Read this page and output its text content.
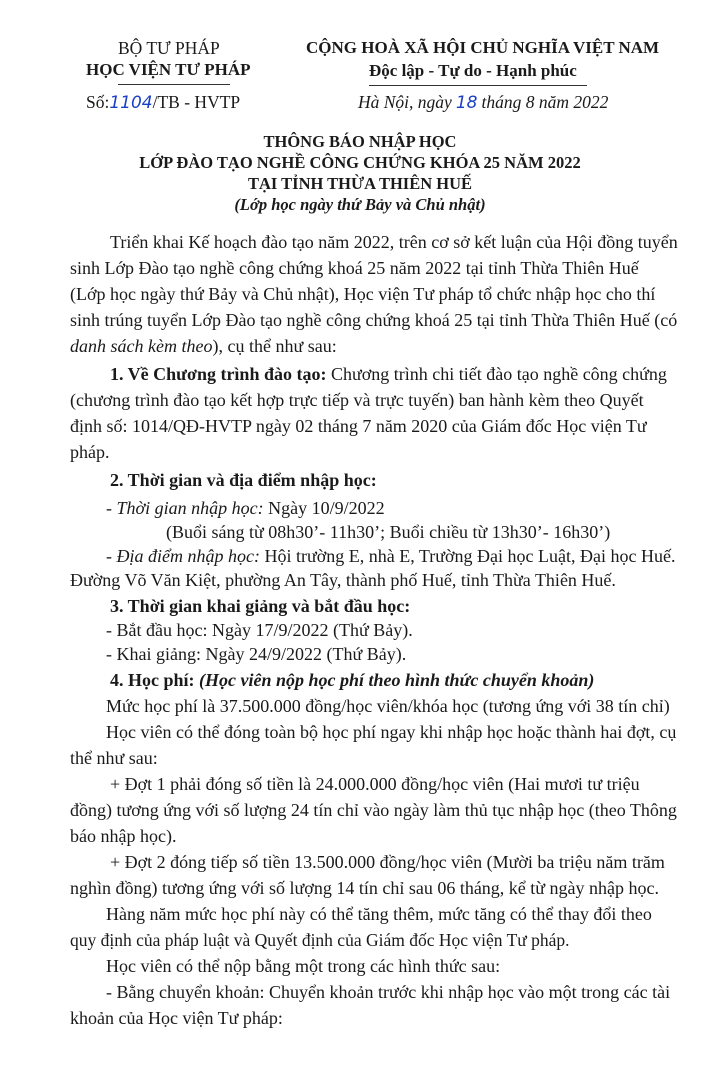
BỘ TƯ PHÁP
HỌC VIỆN TƯ PHÁP
Số:1104/TB - HVTP
CỘNG HOÀ XÃ HỘI CHỦ NGHĨA VIỆT NAM
Độc lập - Tự do - Hạnh phúc
Hà Nội, ngày 18 tháng 8 năm 2022
THÔNG BÁO NHẬP HỌC
LỚP ĐÀO TẠO NGHỀ CÔNG CHỨNG KHÓA 25 NĂM 2022
TẠI TỈNH THỪA THIÊN HUẾ
(Lớp học ngày thứ Bảy và Chủ nhật)
Triển khai Kế hoạch đào tạo năm 2022, trên cơ sở kết luận của Hội đồng tuyển
sinh Lớp Đào tạo nghề công chứng khoá 25 năm 2022 tại tỉnh Thừa Thiên Huế
(Lớp học ngày thứ Bảy và Chủ nhật), Học viện Tư pháp tổ chức nhập học cho thí
sinh trúng tuyển Lớp Đào tạo nghề công chứng khoá 25 tại tỉnh Thừa Thiên Huế (có
danh sách kèm theo), cụ thể như sau:
1. Về Chương trình đào tạo: Chương trình chi tiết đào tạo nghề công chứng
(chương trình đào tạo kết hợp trực tiếp và trực tuyến) ban hành kèm theo Quyết
định số: 1014/QĐ-HVTP ngày 02 tháng 7 năm 2020 của Giám đốc Học viện Tư
pháp.
2. Thời gian và địa điểm nhập học:
- Thời gian nhập học: Ngày 10/9/2022
(Buổi sáng từ 08h30’- 11h30’; Buổi chiều từ 13h30’- 16h30’)
- Địa điểm nhập học: Hội trường E, nhà E, Trường Đại học Luật, Đại học Huế.
Đường Võ Văn Kiệt, phường An Tây, thành phố Huế, tỉnh Thừa Thiên Huế.
3. Thời gian khai giảng và bắt đầu học:
- Bắt đầu học: Ngày 17/9/2022 (Thứ Bảy).
- Khai giảng: Ngày 24/9/2022 (Thứ Bảy).
4. Học phí: (Học viên nộp học phí theo hình thức chuyển khoản)
Mức học phí là 37.500.000 đồng/học viên/khóa học (tương ứng với 38 tín chỉ)
Học viên có thể đóng toàn bộ học phí ngay khi nhập học hoặc thành hai đợt, cụ
thể như sau:
+ Đợt 1 phải đóng số tiền là 24.000.000 đồng/học viên (Hai mươi tư triệu
đồng) tương ứng với số lượng 24 tín chỉ vào ngày làm thủ tục nhập học (theo Thông
báo nhập học).
+ Đợt 2 đóng tiếp số tiền 13.500.000 đồng/học viên (Mười ba triệu năm trăm
nghìn đồng) tương ứng với số lượng 14 tín chỉ sau 06 tháng, kể từ ngày nhập học.
Hàng năm mức học phí này có thể tăng thêm, mức tăng có thể thay đổi theo
quy định của pháp luật và Quyết định của Giám đốc Học viện Tư pháp.
Học viên có thể nộp bằng một trong các hình thức sau:
- Bằng chuyển khoản: Chuyển khoản trước khi nhập học vào một trong các tài
khoản của Học viện Tư pháp:
